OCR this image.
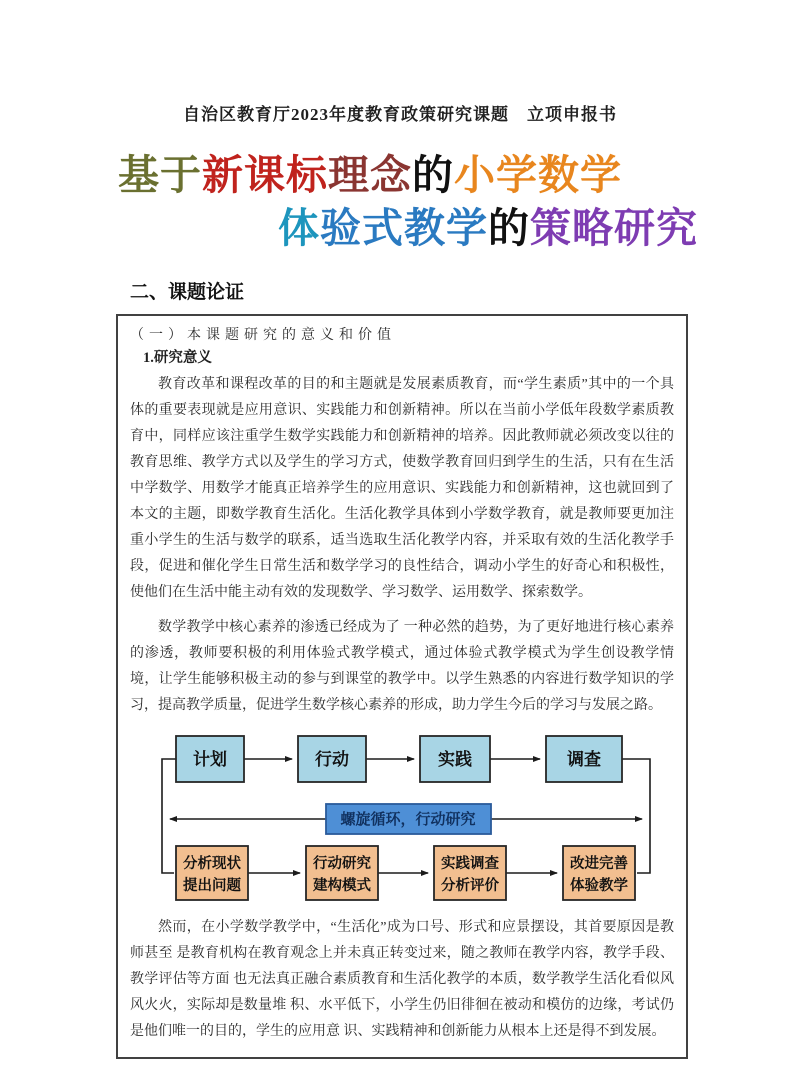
自治区教育厅2023年度教育政策研究课题　立项申报书
基于新课标理念的小学数学
体验式教学的策略研究
二、课题论证
（一）本课题研究的意义和价值
1.研究意义

教育改革和课程改革的目的和主题就是发展素质教育，而“学生素质”其中的一个具体的重要表现就是应用意识、实践能力和创新精神。所以在当前小学低年段数学素质教育中，同样应该注重学生数学实践能力和创新精神的培养。因此教师就必须改变以往的教育思维、教学方式以及学生的学习方式，使数学教育回归到学生的生活，只有在生活中学数学、用数学才能真正培养学生的应用意识、实践能力和创新精神，这也就回到了本文的主题，即数学教育生活化。生活化教学具体到小学数学教育，就是教师要更加注重小学生的生活与数学的联系，适当选取生活化教学内容，并采取有效的生活化教学手段，促进和催化学生日常生活和数学学习的良性结合，调动小学生的好奇心和积极性，使他们在生活中能主动有效的发现数学、学习数学、运用数学、探索数学。

数学教学中核心素养的渗透已经成为了 一种必然的趋势，为了更好地进行核心素养的渗透，教师要积极的利用体验式教学模式，通过体验式教学模式为学生创设教学情境，让学生能够积极主动的参与到课堂的教学中。以学生熟悉的内容进行数学知识的学习，提高教学质量，促进学生数学核心素养的形成，助力学生今后的学习与发展之路。

计划	行动	实践	调查
螺旋循环，行动研究
分析现状
提出问题
行动研究
建构模式
实践调查
分析评价
改进完善
体验教学

然而，在小学数学教学中，“生活化”成为口号、形式和应景摆设，其首要原因是教师甚至 是教育机构在教育观念上并未真正转变过来，随之教师在教学内容，教学手段、教学评估等方面 也无法真正融合素质教育和生活化教学的本质，数学教学生活化看似风风火火，实际却是数量堆 积、水平低下，小学生仍旧徘徊在被动和模仿的边缘，考试仍是他们唯一的目的，学生的应用意 识、实践精神和创新能力从根本上还是得不到发展。
